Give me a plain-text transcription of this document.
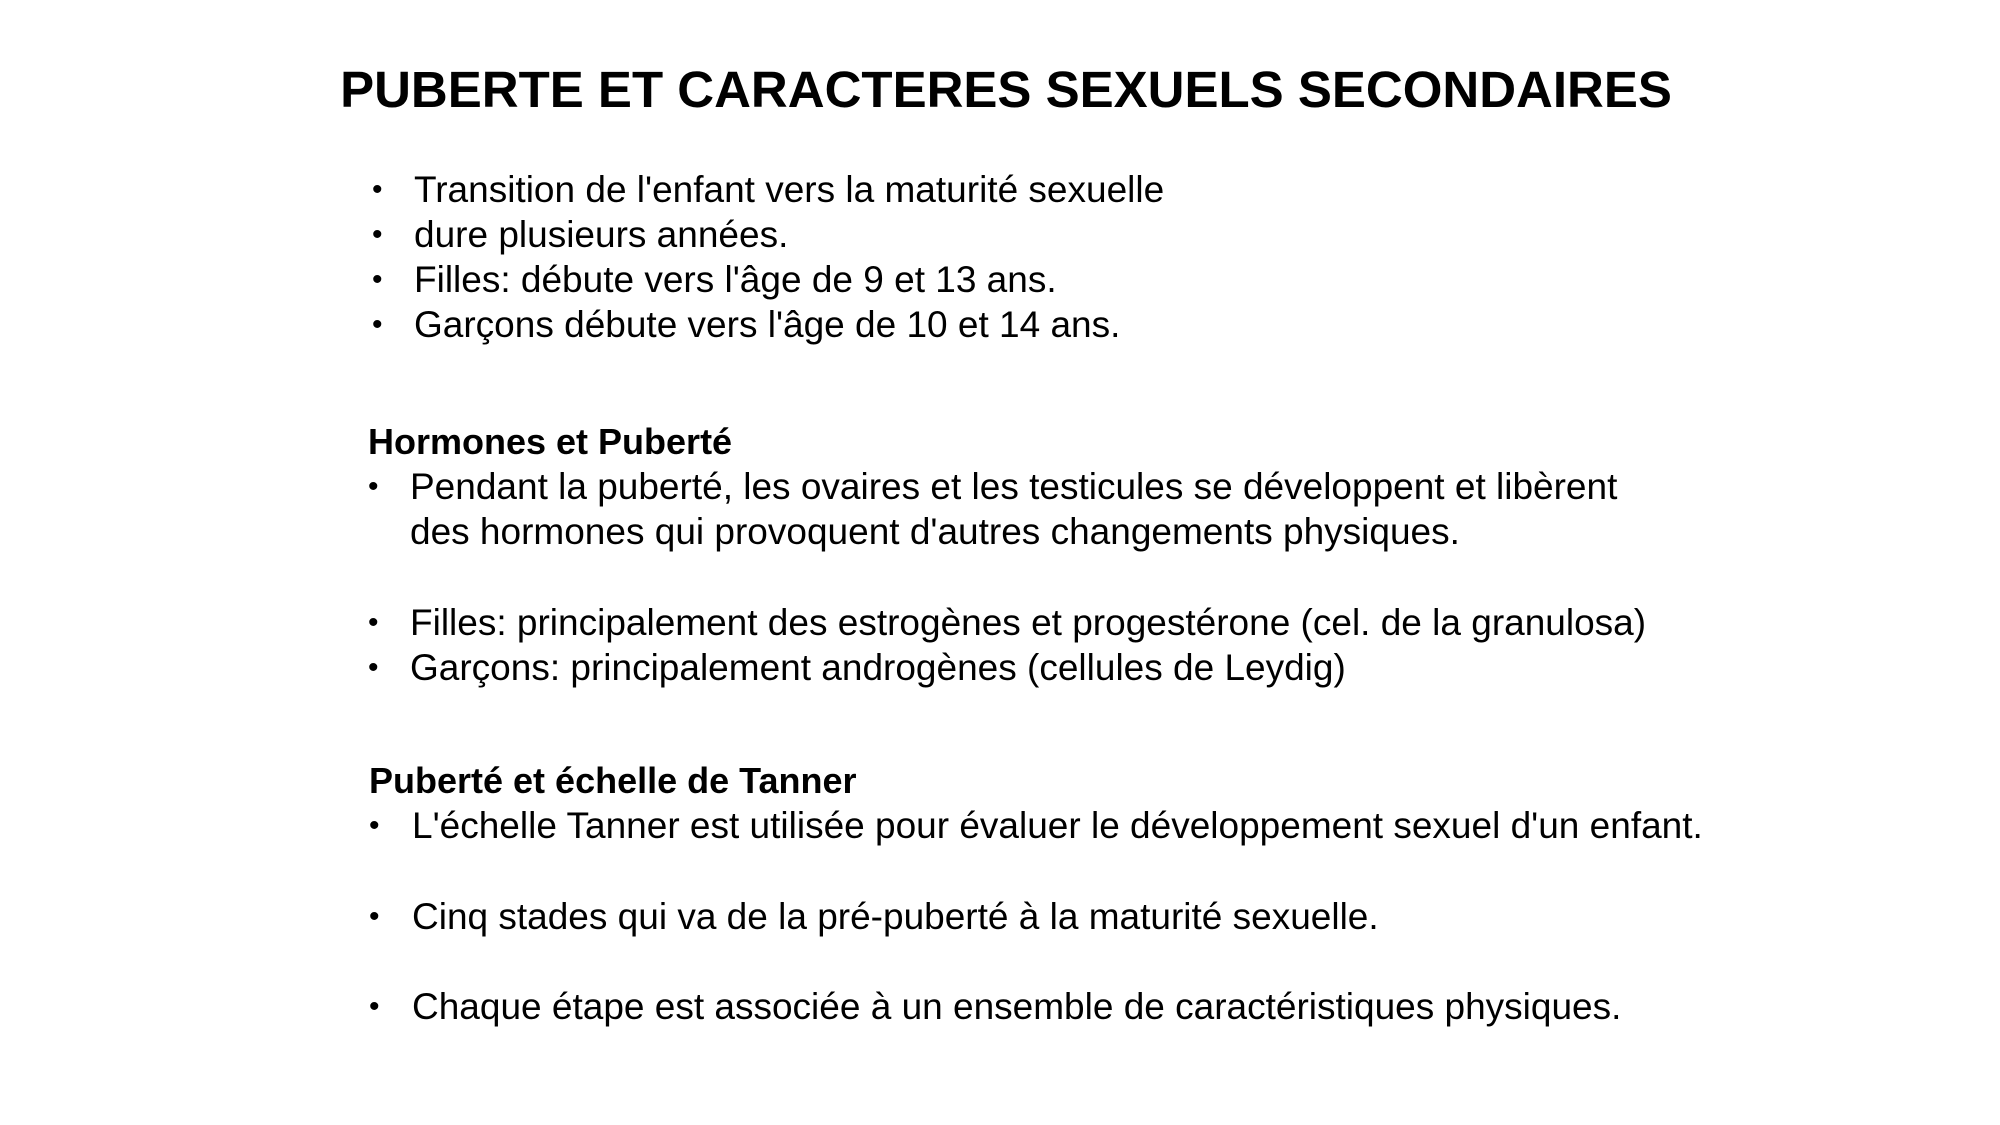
PUBERTE ET CARACTERES SEXUELS SECONDAIRES
• Transition de l'enfant vers la maturité sexuelle
• dure plusieurs années.
• Filles: débute vers l'âge de 9 et 13 ans.
• Garçons débute vers l'âge de 10 et 14 ans.
Hormones et Puberté
• Pendant la puberté, les ovaires et les testicules se développent et libèrent
des hormones qui provoquent d'autres changements physiques.
• Filles: principalement des estrogènes et progestérone (cel. de la granulosa)
• Garçons: principalement androgènes (cellules de Leydig)
Puberté et échelle de Tanner
• L'échelle Tanner est utilisée pour évaluer le développement sexuel d'un enfant.
• Cinq stades qui va de la pré-puberté à la maturité sexuelle.
• Chaque étape est associée à un ensemble de caractéristiques physiques.
